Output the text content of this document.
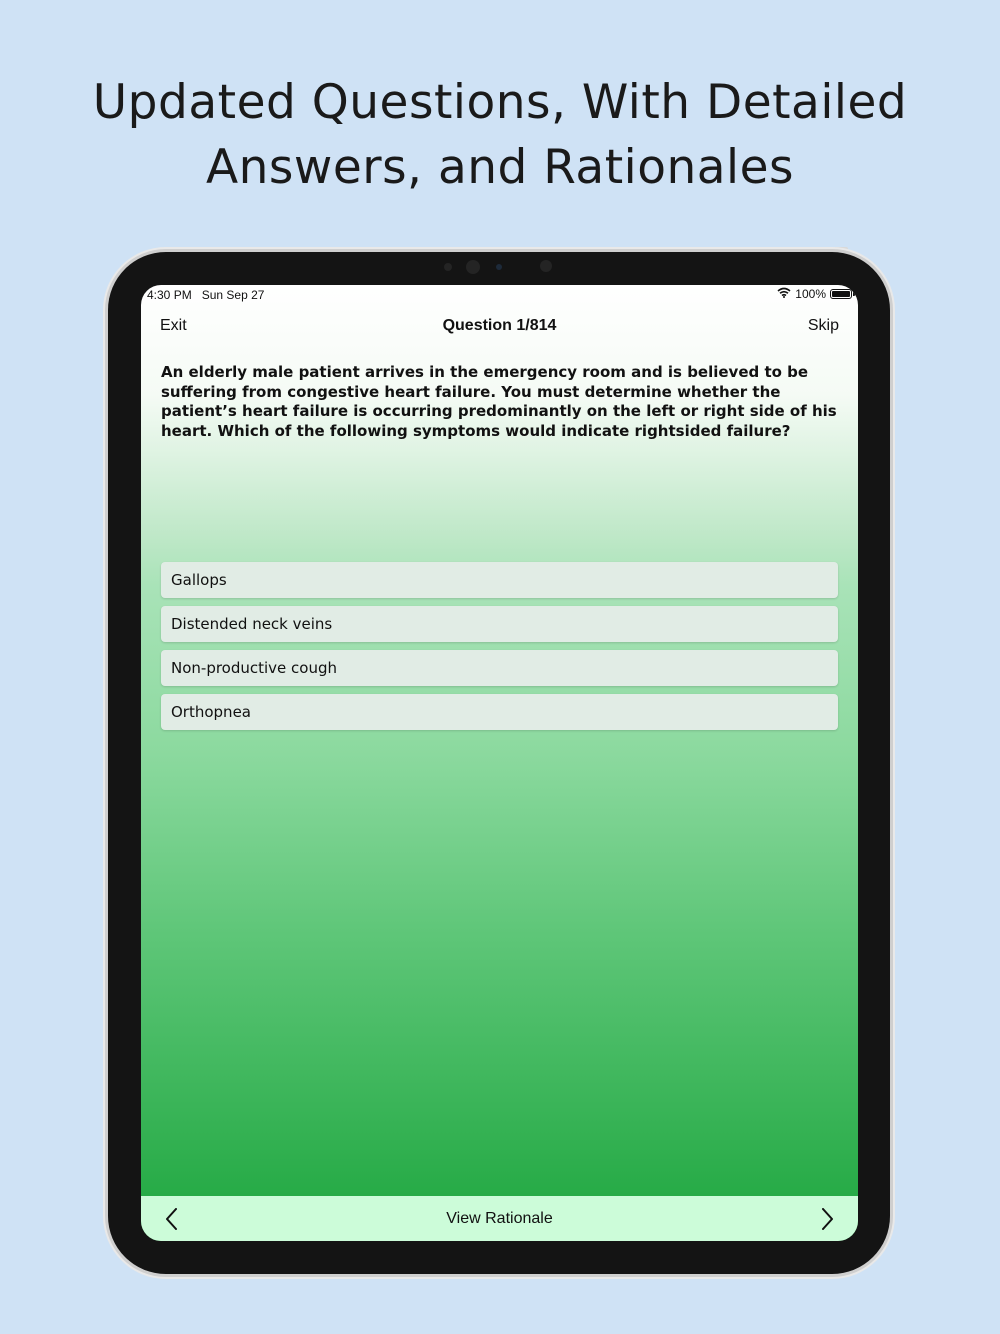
Updated Questions, With Detailed
Answers, and Rationales
4:30 PM Sun Sep 27	100%
Exit	Question 1/814	Skip
An elderly male patient arrives in the emergency room and is believed to be suffering from congestive heart failure. You must determine whether the patient’s heart failure is occurring predominantly on the left or right side of his heart. Which of the following symptoms would indicate rightsided failure?
Gallops
Distended neck veins
Non-productive cough
Orthopnea
View Rationale
